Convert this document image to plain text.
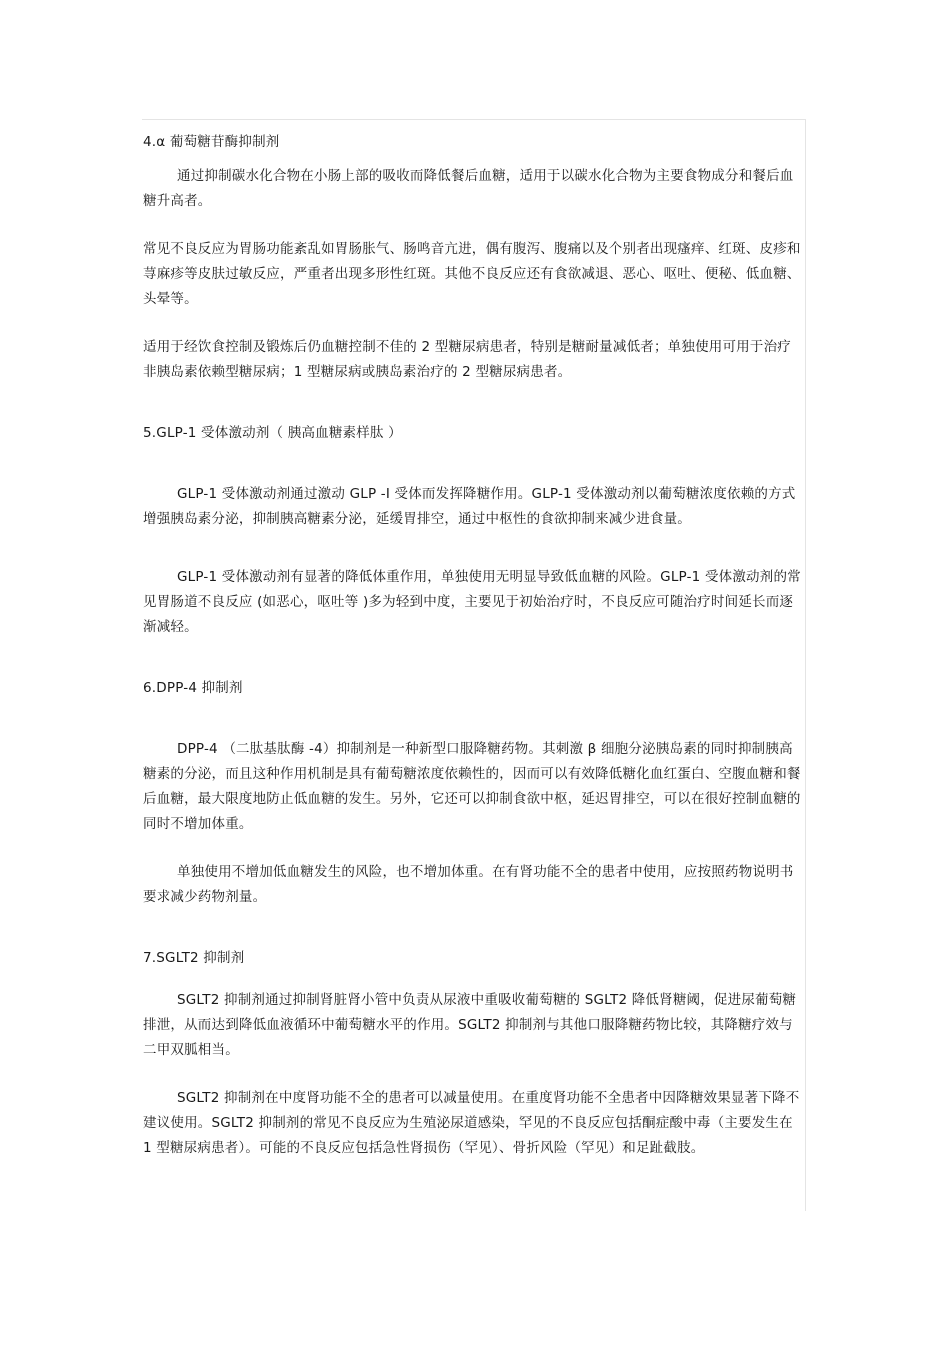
4.α 葡萄糖苷酶抑制剂

通过抑制碳水化合物在小肠上部的吸收而降低餐后血糖，适用于以碳水化合物为主要食物成分和餐后血糖升高者。

常见不良反应为胃肠功能紊乱如胃肠胀气、肠鸣音亢进，偶有腹泻、腹痛以及个别者出现瘙痒、红斑、皮疹和荨麻疹等皮肤过敏反应，严重者出现多形性红斑。其他不良反应还有食欲减退、恶心、呕吐、便秘、低血糖、头晕等。

适用于经饮食控制及锻炼后仍血糖控制不佳的 2 型糖尿病患者，特别是糖耐量减低者；单独使用可用于治疗非胰岛素依赖型糖尿病；1 型糖尿病或胰岛素治疗的 2 型糖尿病患者。

5.GLP-1 受体激动剂（ 胰高血糖素样肽 ）

GLP-1 受体激动剂通过激动 GLP -I 受体而发挥降糖作用。GLP-1 受体激动剂以葡萄糖浓度依赖的方式增强胰岛素分泌，抑制胰高糖素分泌，延缓胃排空，通过中枢性的食欲抑制来减少进食量。

GLP-1 受体激动剂有显著的降低体重作用，单独使用无明显导致低血糖的风险。GLP-1 受体激动剂的常见胃肠道不良反应 (如恶心，呕吐等 )多为轻到中度，主要见于初始治疗时，不良反应可随治疗时间延长而逐渐减轻。

6.DPP-4 抑制剂

DPP-4 （二肽基肽酶 -4）抑制剂是一种新型口服降糖药物。其刺激 β 细胞分泌胰岛素的同时抑制胰高糖素的分泌，而且这种作用机制是具有葡萄糖浓度依赖性的，因而可以有效降低糖化血红蛋白、空腹血糖和餐后血糖，最大限度地防止低血糖的发生。另外，它还可以抑制食欲中枢，延迟胃排空，可以在很好控制血糖的同时不增加体重。

单独使用不增加低血糖发生的风险，也不增加体重。在有肾功能不全的患者中使用，应按照药物说明书要求减少药物剂量。

7.SGLT2 抑制剂

SGLT2 抑制剂通过抑制肾脏肾小管中负责从尿液中重吸收葡萄糖的 SGLT2 降低肾糖阈，促进尿葡萄糖排泄，从而达到降低血液循环中葡萄糖水平的作用。SGLT2 抑制剂与其他口服降糖药物比较，其降糖疗效与二甲双胍相当。

SGLT2 抑制剂在中度肾功能不全的患者可以减量使用。在重度肾功能不全患者中因降糖效果显著下降不建议使用。SGLT2 抑制剂的常见不良反应为生殖泌尿道感染，罕见的不良反应包括酮症酸中毒（主要发生在 1 型糖尿病患者）。可能的不良反应包括急性肾损伤（罕见）、骨折风险（罕见）和足趾截肢。
